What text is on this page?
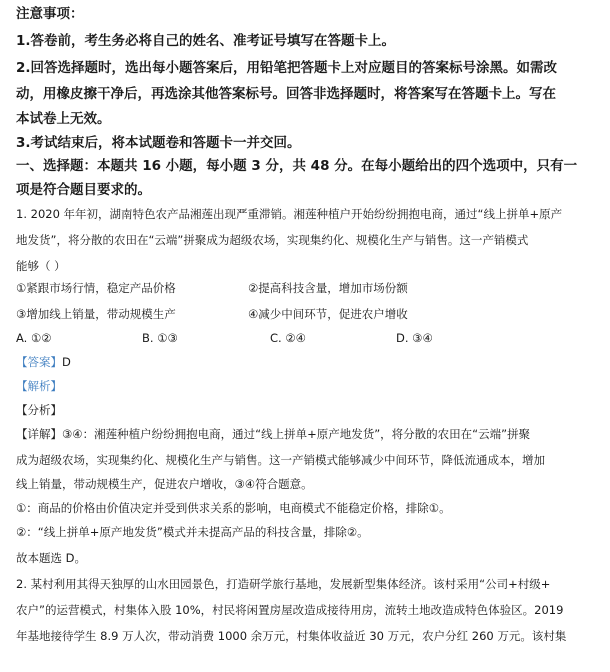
注意事项：
1.答卷前，考生务必将自己的姓名、准考证号填写在答题卡上。
2.回答选择题时，选出每小题答案后，用铅笔把答题卡上对应题目的答案标号涂黑。如需改
动，用橡皮擦干净后，再选涂其他答案标号。回答非选择题时，将答案写在答题卡上。写在
本试卷上无效。
3.考试结束后，将本试题卷和答题卡一并交回。
一、选择题：本题共 16 小题，每小题 3 分，共 48 分。在每小题给出的四个选项中，只有一
项是符合题目要求的。
1. 2020 年年初，湖南特色农产品湘莲出现严重滞销。湘莲种植户开始纷纷拥抱电商，通过“线上拼单+原产
地发货”，将分散的农田在“云端”拼聚成为超级农场，实现集约化、规模化生产与销售。这一产销模式
能够（ ）
①紧跟市场行情，稳定产品价格	②提高科技含量，增加市场份额
③增加线上销量，带动规模生产	④减少中间环节，促进农户增收
A. ①②	B. ①③	C. ②④	D. ③④
【答案】D
【解析】
【分析】
【详解】③④：湘莲种植户纷纷拥抱电商，通过“线上拼单+原产地发货”，将分散的农田在“云端”拼聚
成为超级农场，实现集约化、规模化生产与销售。这一产销模式能够减少中间环节，降低流通成本，增加
线上销量，带动规模生产，促进农户增收，③④符合题意。
①：商品的价格由价值决定并受到供求关系的影响，电商模式不能稳定价格，排除①。
②：“线上拼单+原产地发货”模式并未提高产品的科技含量，排除②。
故本题选 D。
2. 某村利用其得天独厚的山水田园景色，打造研学旅行基地，发展新型集体经济。该村采用“公司+村级+
农户”的运营模式，村集体入股 10%，村民将闲置房屋改造成接待用房，流转土地改造成特色体验区。2019
年基地接待学生 8.9 万人次，带动消费 1000 余万元，村集体收益近 30 万元，农户分红 260 万元。该村集
